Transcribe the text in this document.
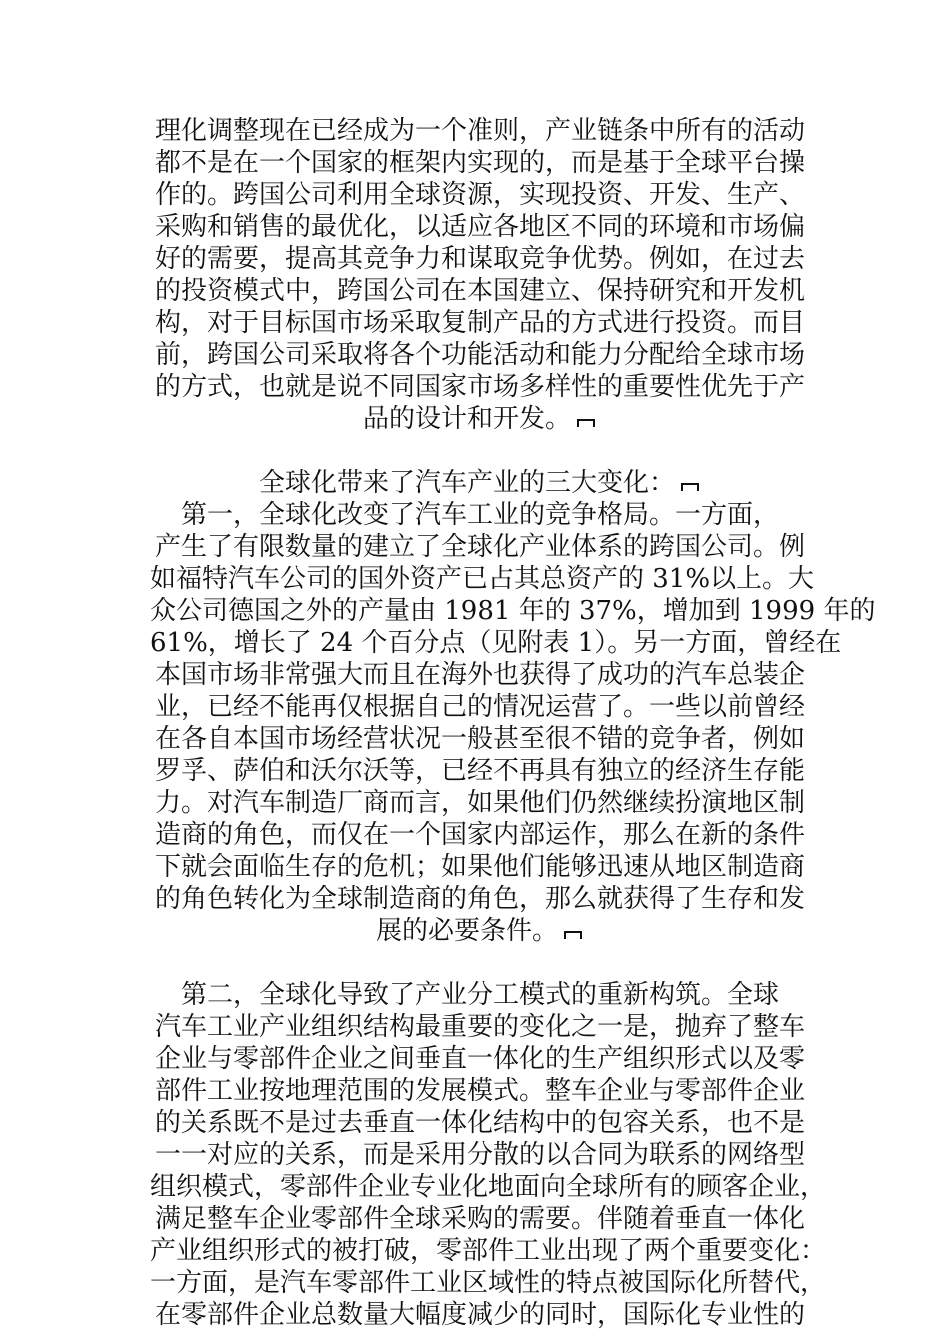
理化调整现在已经成为一个准则，产业链条中所有的活动
都不是在一个国家的框架内实现的，而是基于全球平台操
作的。跨国公司利用全球资源，实现投资、开发、生产、
采购和销售的最优化，以适应各地区不同的环境和市场偏
好的需要，提高其竞争力和谋取竞争优势。例如，在过去
的投资模式中，跨国公司在本国建立、保持研究和开发机
构，对于目标国市场采取复制产品的方式进行投资。而目
前，跨国公司采取将各个功能活动和能力分配给全球市场
的方式，也就是说不同国家市场多样性的重要性优先于产
品的设计和开发。
全球化带来了汽车产业的三大变化：
第一，全球化改变了汽车工业的竞争格局。一方面，
产生了有限数量的建立了全球化产业体系的跨国公司。例
如福特汽车公司的国外资产已占其总资产的 31%以上。大
众公司德国之外的产量由 1981 年的 37%，增加到 1999 年的
61%，增长了 24 个百分点（见附表 1）。另一方面，曾经在
本国市场非常强大而且在海外也获得了成功的汽车总装企
业，已经不能再仅根据自己的情况运营了。一些以前曾经
在各自本国市场经营状况一般甚至很不错的竞争者，例如
罗孚、萨伯和沃尔沃等，已经不再具有独立的经济生存能
力。对汽车制造厂商而言，如果他们仍然继续扮演地区制
造商的角色，而仅在一个国家内部运作，那么在新的条件
下就会面临生存的危机；如果他们能够迅速从地区制造商
的角色转化为全球制造商的角色，那么就获得了生存和发
展的必要条件。
第二，全球化导致了产业分工模式的重新构筑。全球
汽车工业产业组织结构最重要的变化之一是，抛弃了整车
企业与零部件企业之间垂直一体化的生产组织形式以及零
部件工业按地理范围的发展模式。整车企业与零部件企业
的关系既不是过去垂直一体化结构中的包容关系，也不是
一一对应的关系，而是采用分散的以合同为联系的网络型
组织模式，零部件企业专业化地面向全球所有的顾客企业，
满足整车企业零部件全球采购的需要。伴随着垂直一体化
产业组织形式的被打破，零部件工业出现了两个重要变化：
一方面，是汽车零部件工业区域性的特点被国际化所替代，
在零部件企业总数量大幅度减少的同时，国际化专业性的
